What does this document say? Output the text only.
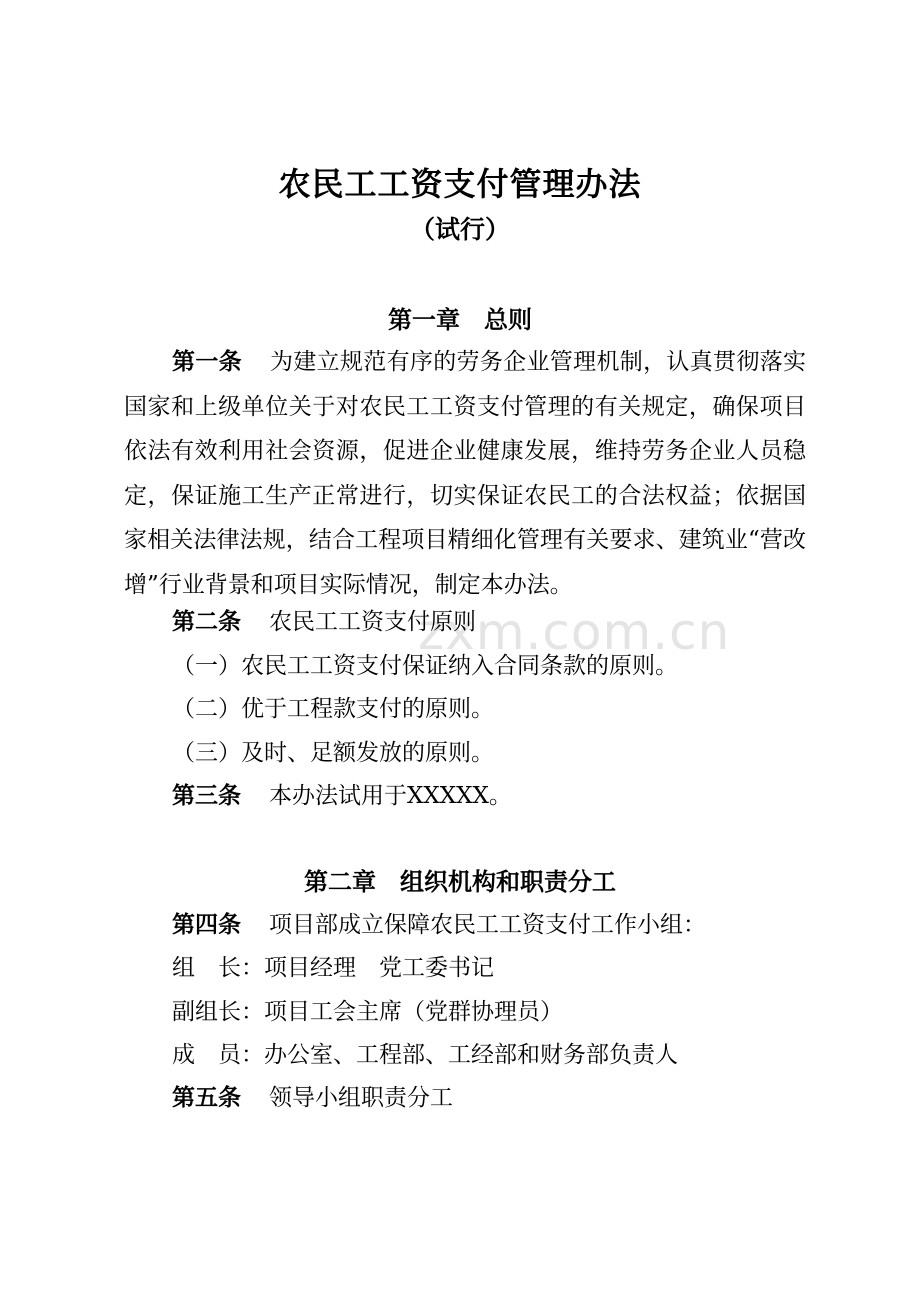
zxm.com.cn
农民工工资支付管理办法
（试行）
第一章　总则
第一条 为建立规范有序的劳务企业管理机制，认真贯彻落实国家和上级单位关于对农民工工资支付管理的有关规定，确保项目依法有效利用社会资源，促进企业健康发展，维持劳务企业人员稳定，保证施工生产正常进行，切实保证农民工的合法权益；依据国家相关法律法规，结合工程项目精细化管理有关要求、建筑业“营改增”行业背景和项目实际情况，制定本办法。
第二条 农民工工资支付原则
（一）农民工工资支付保证纳入合同条款的原则。
（二）优于工程款支付的原则。
（三）及时、足额发放的原则。
第三条 本办法试用于XXXXX。
第二章　组织机构和职责分工
第四条 项目部成立保障农民工工资支付工作小组：
组　长：项目经理　党工委书记
副组长：项目工会主席（党群协理员）
成　员：办公室、工程部、工经部和财务部负责人
第五条 领导小组职责分工
